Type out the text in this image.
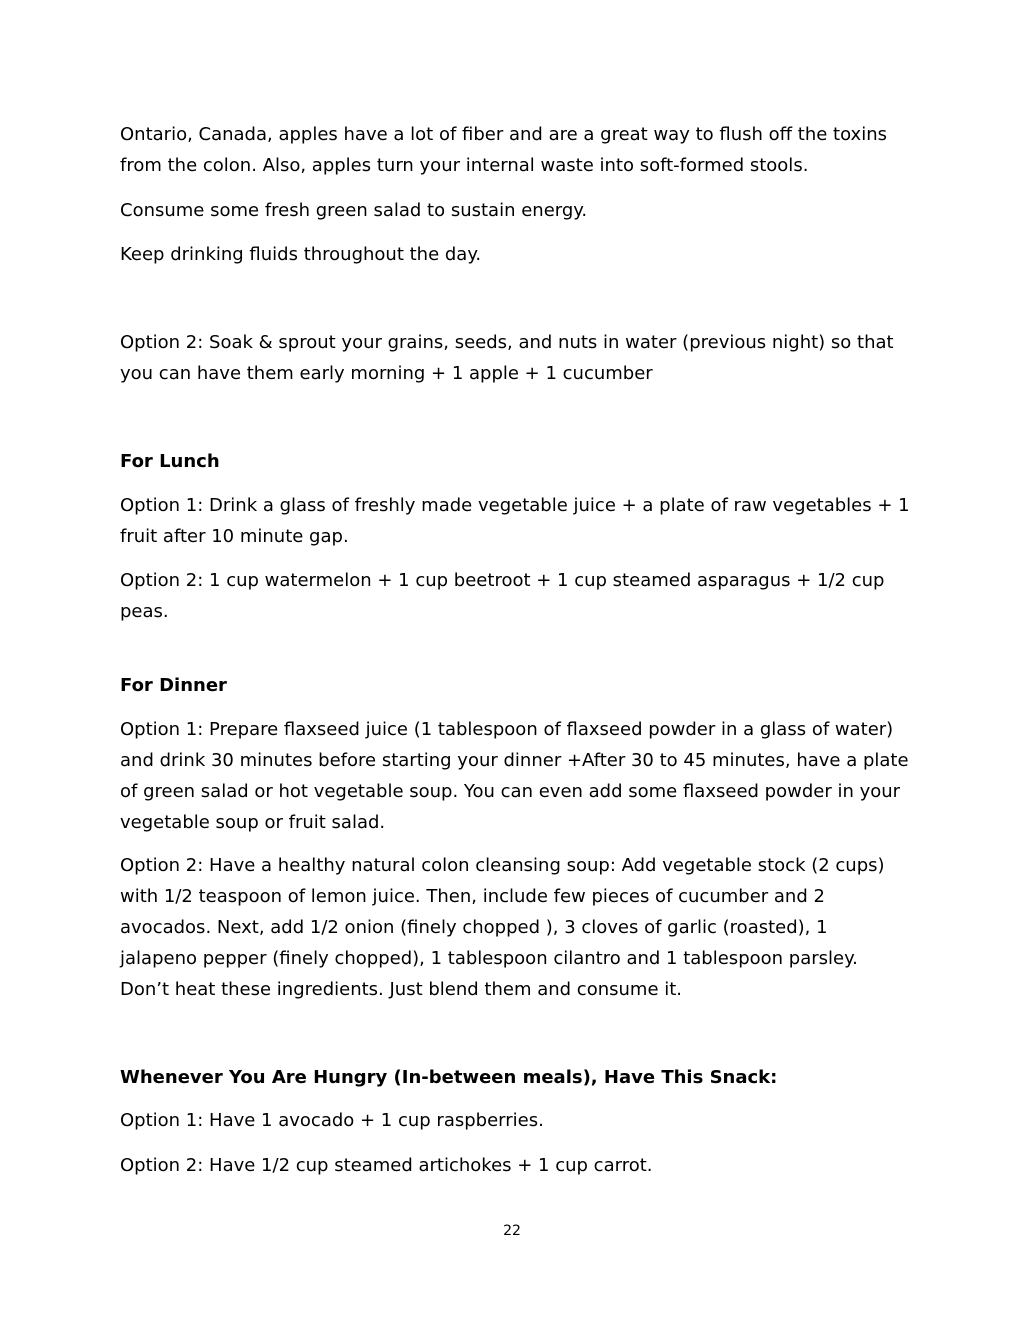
Ontario, Canada, apples have a lot of fiber and are a great way to flush off the toxins from the colon. Also, apples turn your internal waste into soft-formed stools.

Consume some fresh green salad to sustain energy.

Keep drinking fluids throughout the day.

Option 2: Soak & sprout your grains, seeds, and nuts in water (previous night) so that you can have them early morning + 1 apple + 1 cucumber

For Lunch

Option 1: Drink a glass of freshly made vegetable juice + a plate of raw vegetables + 1 fruit after 10 minute gap.

Option 2: 1 cup watermelon + 1 cup beetroot + 1 cup steamed asparagus + 1/2 cup peas.

For Dinner

Option 1: Prepare flaxseed juice (1 tablespoon of flaxseed powder in a glass of water) and drink 30 minutes before starting your dinner +After 30 to 45 minutes, have a plate of green salad or hot vegetable soup. You can even add some flaxseed powder in your vegetable soup or fruit salad.

Option 2: Have a healthy natural colon cleansing soup: Add vegetable stock (2 cups) with 1/2 teaspoon of lemon juice. Then, include few pieces of cucumber and 2 avocados. Next, add 1/2 onion (finely chopped ), 3 cloves of garlic (roasted), 1 jalapeno pepper (finely chopped), 1 tablespoon cilantro and 1 tablespoon parsley. Don’t heat these ingredients. Just blend them and consume it.

Whenever You Are Hungry (In-between meals), Have This Snack:

Option 1: Have 1 avocado + 1 cup raspberries.

Option 2: Have 1/2 cup steamed artichokes + 1 cup carrot.

22
